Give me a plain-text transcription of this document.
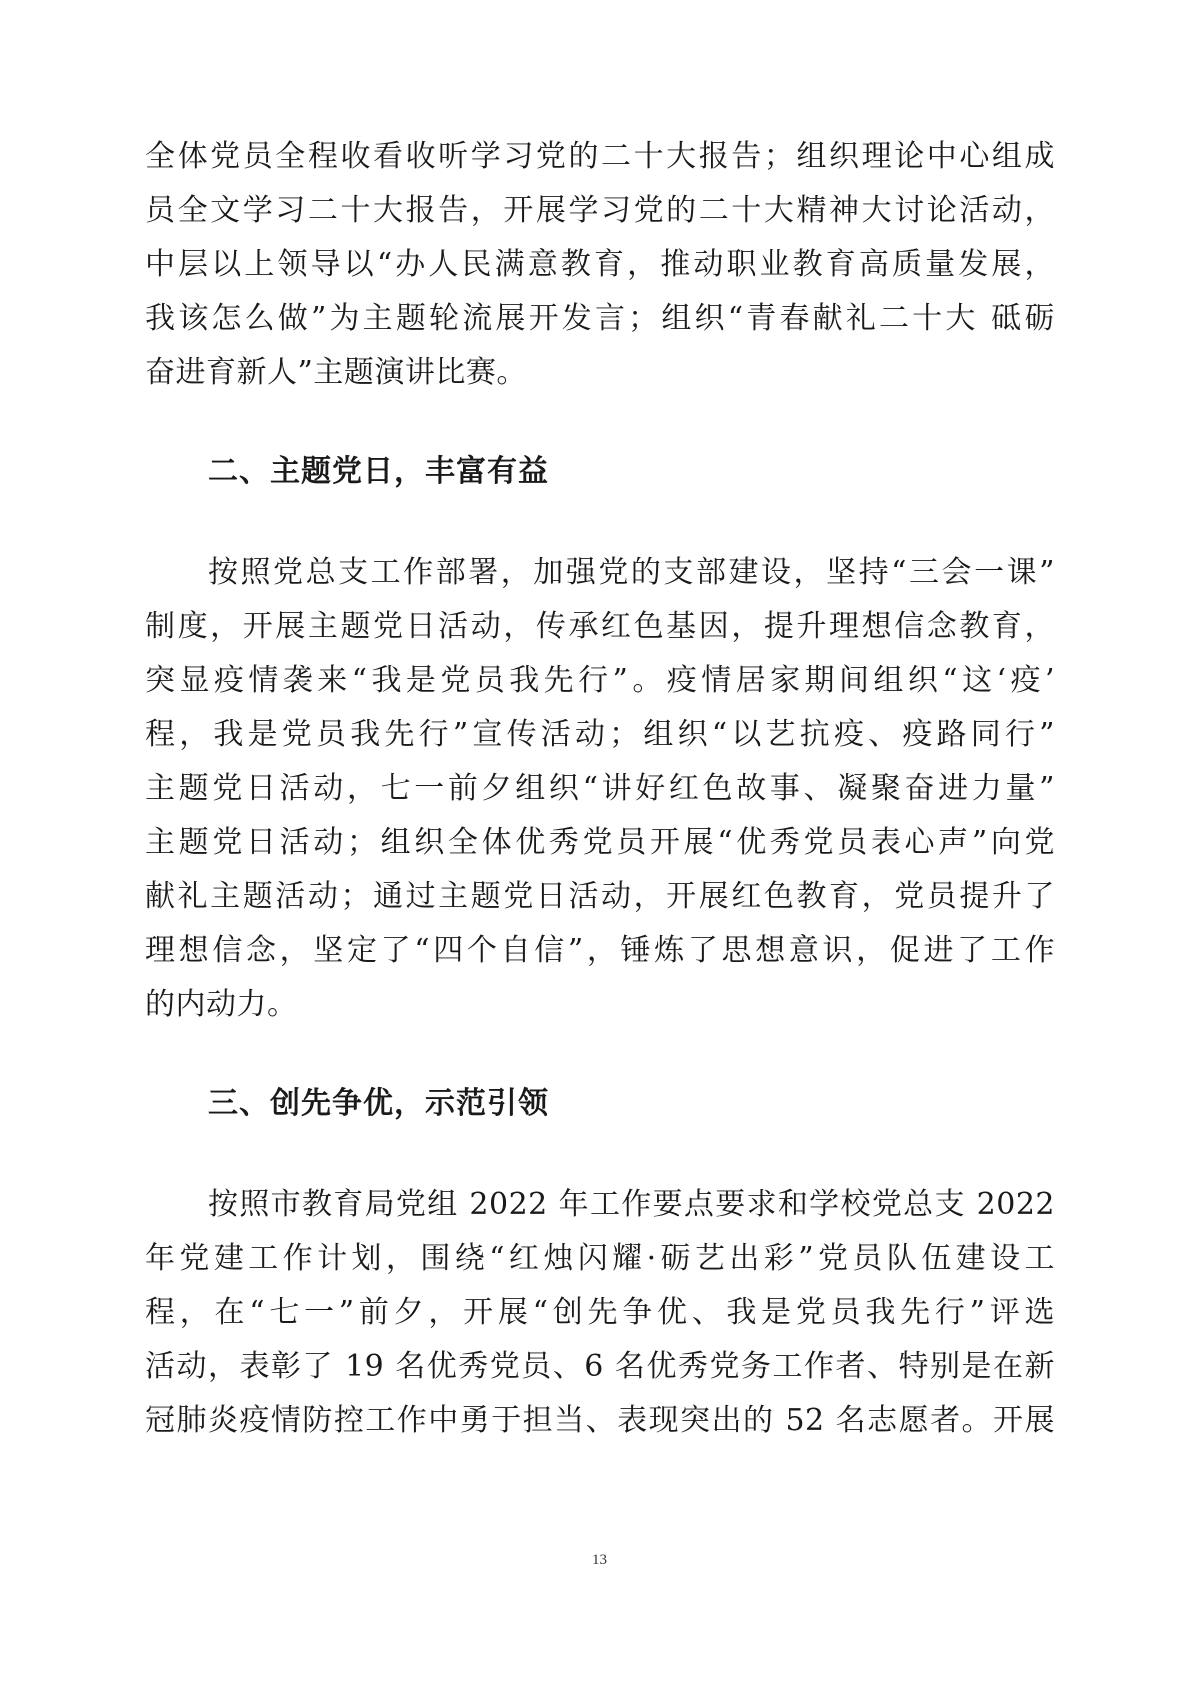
全体党员全程收看收听学习党的二十大报告；组织理论中心组成
员全文学习二十大报告，开展学习党的二十大精神大讨论活动，
中层以上领导以“办人民满意教育，推动职业教育高质量发展，
我该怎么做”为主题轮流展开发言；组织“青春献礼二十大 砥砺
奋进育新人”主题演讲比赛。
二、主题党日，丰富有益
按照党总支工作部署，加强党的支部建设，坚持“三会一课”
制度，开展主题党日活动，传承红色基因，提升理想信念教育，
突显疫情袭来“我是党员我先行”。疫情居家期间组织“这‘疫’
程，我是党员我先行”宣传活动；组织“以艺抗疫、疫路同行”
主题党日活动，七一前夕组织“讲好红色故事、凝聚奋进力量”
主题党日活动；组织全体优秀党员开展“优秀党员表心声”向党
献礼主题活动；通过主题党日活动，开展红色教育，党员提升了
理想信念，坚定了“四个自信”，锤炼了思想意识，促进了工作
的内动力。
三、创先争优，示范引领
按照市教育局党组 2022 年工作要点要求和学校党总支 2022
年党建工作计划，围绕“红烛闪耀·砺艺出彩”党员队伍建设工
程，在“七一”前夕，开展“创先争优、我是党员我先行”评选
活动，表彰了 19 名优秀党员、6 名优秀党务工作者、特别是在新
冠肺炎疫情防控工作中勇于担当、表现突出的 52 名志愿者。开展
13
